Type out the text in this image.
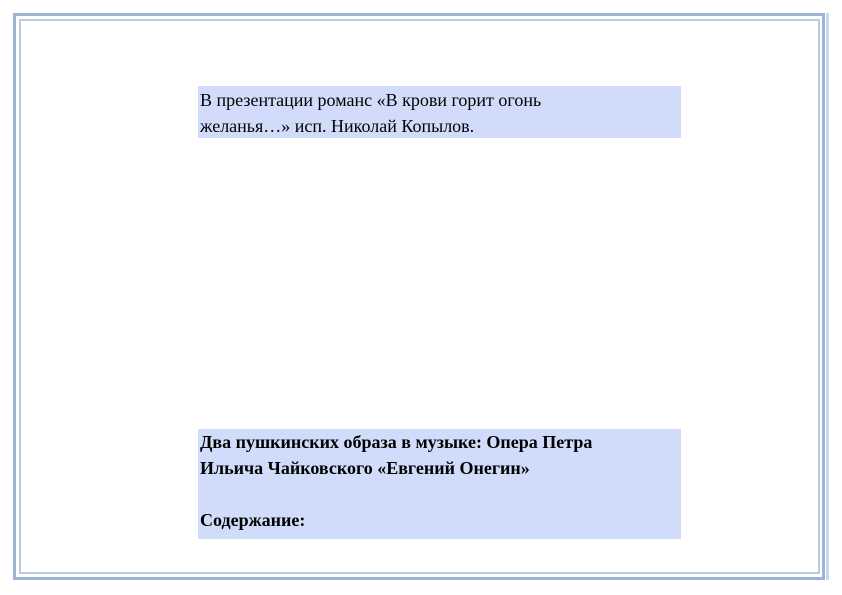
В презентации романс «В крови горит огонь
желанья…» исп. Николай Копылов.
Два пушкинских образа в музыке: Опера Петра
Ильича Чайковского «Евгений Онегин»
Содержание:
